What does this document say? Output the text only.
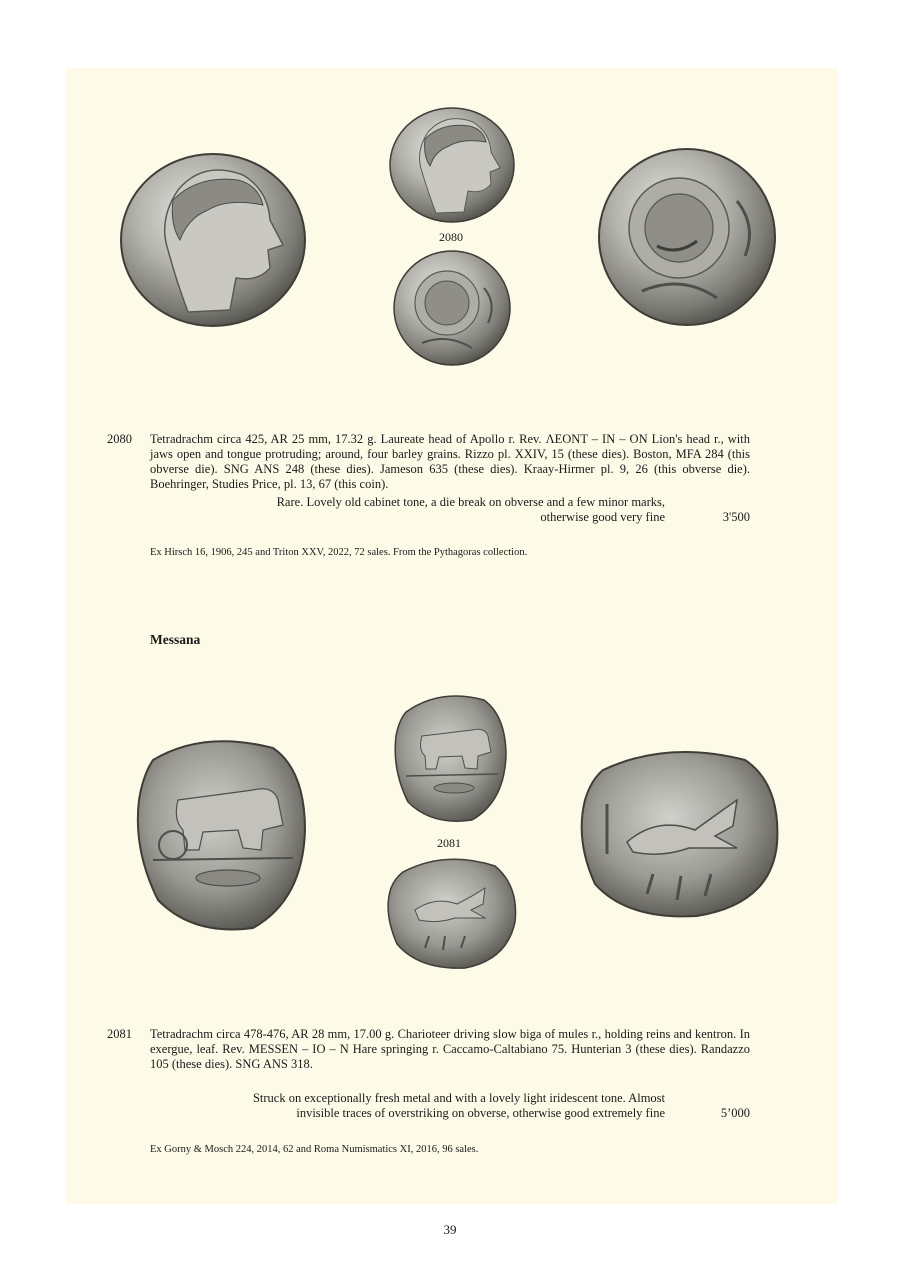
2080
2080 Tetradrachm circa 425, AR 25 mm, 17.32 g. Laureate head of Apollo r. Rev. ΛΕΟΝΤ – ΙΝ – ΟΝ Lion's head r., with jaws open and tongue protruding; around, four barley grains. Rizzo pl. XXIV, 15 (these dies). Boston, MFA 284 (this obverse die). SNG ANS 248 (these dies). Jameson 635 (these dies). Kraay-Hirmer pl. 9, 26 (this obverse die). Boehringer, Studies Price, pl. 13, 67 (this coin).
Rare. Lovely old cabinet tone, a die break on obverse and a few minor marks,
otherwise good very fine	3'500
Ex Hirsch 16, 1906, 245 and Triton XXV, 2022, 72 sales. From the Pythagoras collection.
Messana
2081
2081 Tetradrachm circa 478-476, AR 28 mm, 17.00 g. Charioteer driving slow biga of mules r., holding reins and kentron. In exergue, leaf. Rev. MESSEN – IO – N Hare springing r. Caccamo-Caltabiano 75. Hunterian 3 (these dies). Randazzo 105 (these dies). SNG ANS 318.
Struck on exceptionally fresh metal and with a lovely light iridescent tone. Almost
invisible traces of overstriking on obverse, otherwise good extremely fine	5’000
Ex Gorny & Mosch 224, 2014, 62 and Roma Numismatics XI, 2016, 96 sales.
39
